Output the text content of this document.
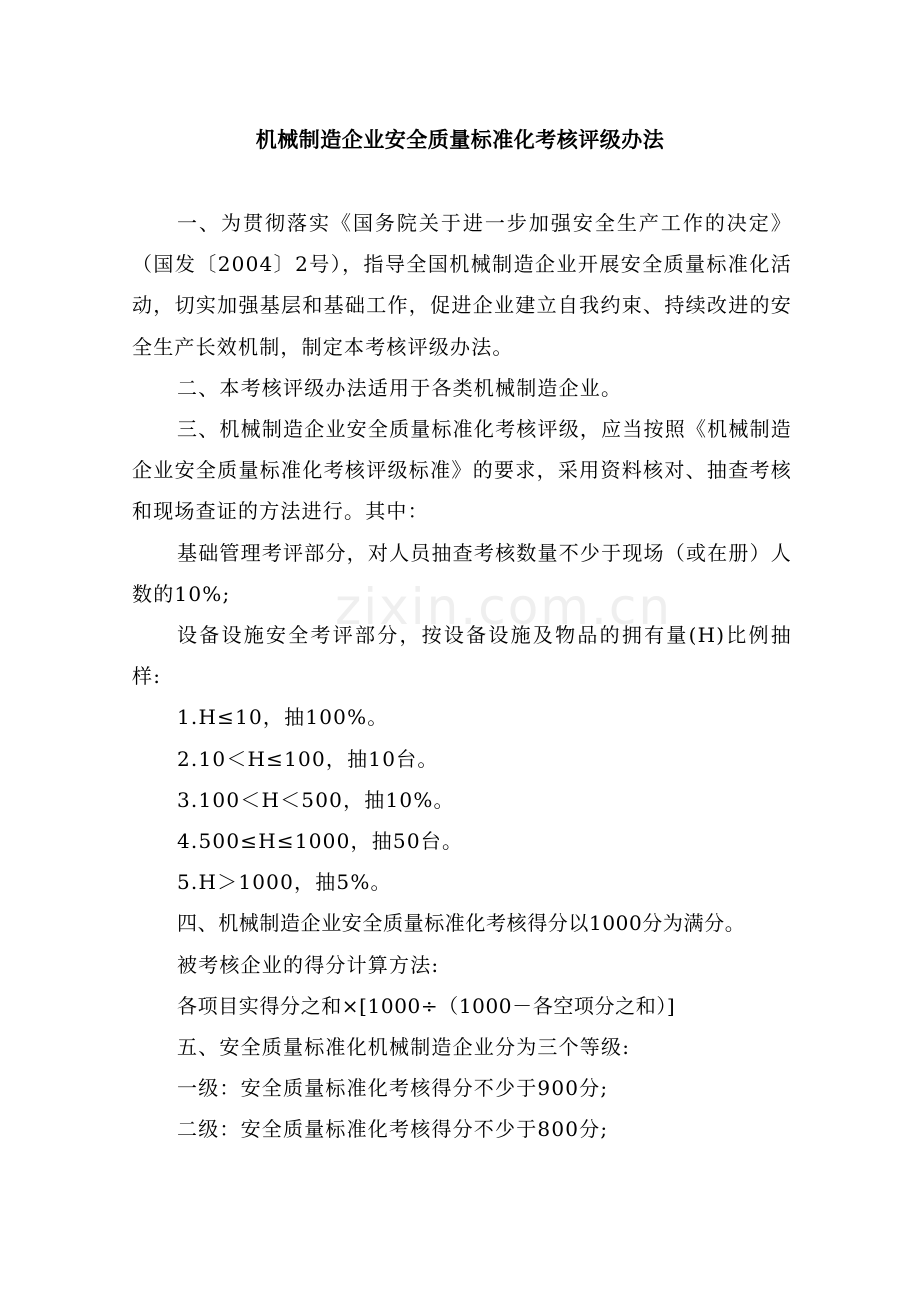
zixin.com.cn
机械制造企业安全质量标准化考核评级办法

一、为贯彻落实《国务院关于进一步加强安全生产工作的决定》（国发〔2004〕2号），指导全国机械制造企业开展安全质量标准化活动，切实加强基层和基础工作，促进企业建立自我约束、持续改进的安全生产长效机制，制定本考核评级办法。

二、本考核评级办法适用于各类机械制造企业。

三、机械制造企业安全质量标准化考核评级，应当按照《机械制造企业安全质量标准化考核评级标准》的要求，采用资料核对、抽查考核和现场查证的方法进行。其中：

基础管理考评部分，对人员抽查考核数量不少于现场（或在册）人数的10%;

设备设施安全考评部分，按设备设施及物品的拥有量(H)比例抽样:

1.H≤10，抽100%。

2.10＜H≤100，抽10台。

3.100＜H＜500，抽10%。

4.500≤H≤1000，抽50台。

5.H＞1000，抽5%。

四、机械制造企业安全质量标准化考核得分以1000分为满分。

被考核企业的得分计算方法:

各项目实得分之和×[1000÷（1000－各空项分之和）]

五、安全质量标准化机械制造企业分为三个等级:

一级：安全质量标准化考核得分不少于900分;

二级：安全质量标准化考核得分不少于800分;
